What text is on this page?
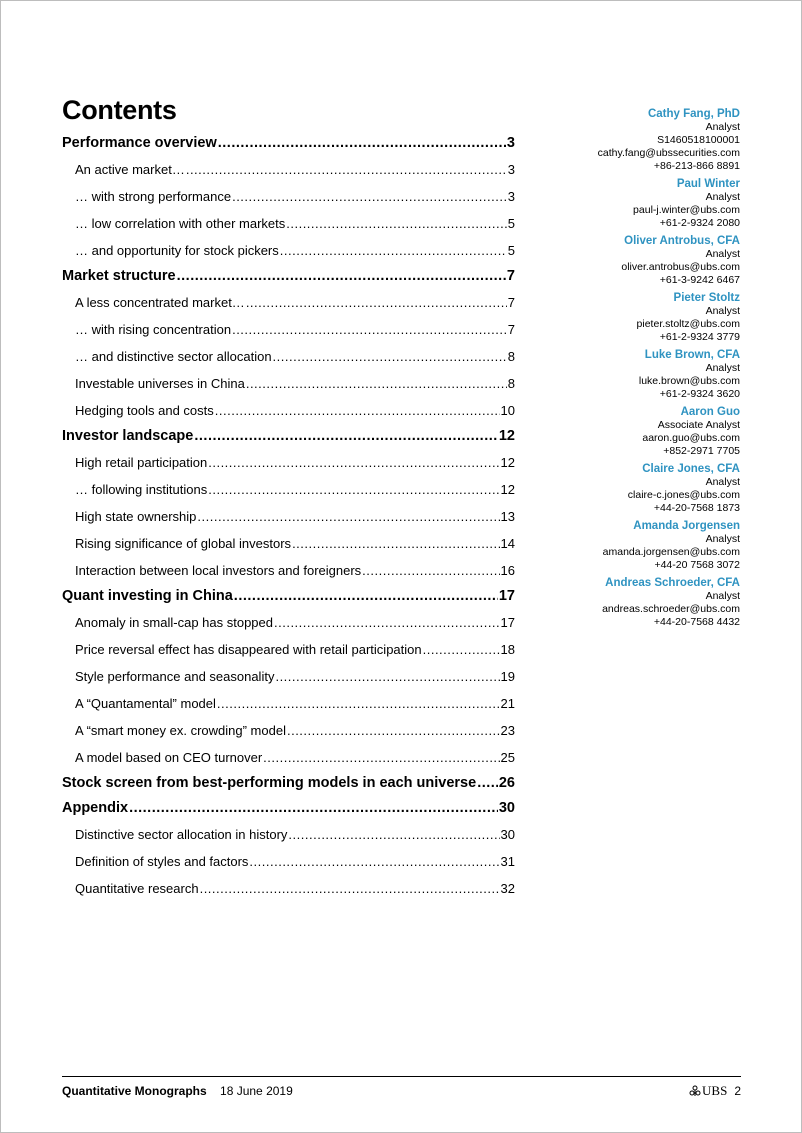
Contents
Performance overview .....	3
An active market… .....	3
… with strong performance .....	3
… low correlation with other markets .....	5
… and opportunity for stock pickers .....	5
Market structure .....	7
A less concentrated market… .....	7
… with rising concentration .....	7
… and distinctive sector allocation .....	8
Investable universes in China .....	8
Hedging tools and costs .....	10
Investor landscape .....	12
High retail participation .....	12
… following institutions .....	12
High state ownership .....	13
Rising significance of global investors .....	14
Interaction between local investors and foreigners .....	16
Quant investing in China .....	17
Anomaly in small-cap has stopped .....	17
Price reversal effect has disappeared with retail participation .....	18
Style performance and seasonality .....	19
A “Quantamental” model .....	21
A “smart money ex. crowding” model .....	23
A model based on CEO turnover .....	25
Stock screen from best-performing models in each universe ..... 26
Appendix .....	30
Distinctive sector allocation in history .....	30
Definition of styles and factors .....	31
Quantitative research .....	32
Cathy Fang, PhD
Analyst
S1460518100001
cathy.fang@ubssecurities.com
+86-213-866 8891
Paul Winter
Analyst
paul-j.winter@ubs.com
+61-2-9324 2080
Oliver Antrobus, CFA
Analyst
oliver.antrobus@ubs.com
+61-3-9242 6467
Pieter Stoltz
Analyst
pieter.stoltz@ubs.com
+61-2-9324 3779
Luke Brown, CFA
Analyst
luke.brown@ubs.com
+61-2-9324 3620
Aaron Guo
Associate Analyst
aaron.guo@ubs.com
+852-2971 7705
Claire Jones, CFA
Analyst
claire-c.jones@ubs.com
+44-20-7568 1873
Amanda Jorgensen
Analyst
amanda.jorgensen@ubs.com
+44-20 7568 3072
Andreas Schroeder, CFA
Analyst
andreas.schroeder@ubs.com
+44-20-7568 4432
Quantitative Monographs 18 June 2019	UBS 2
